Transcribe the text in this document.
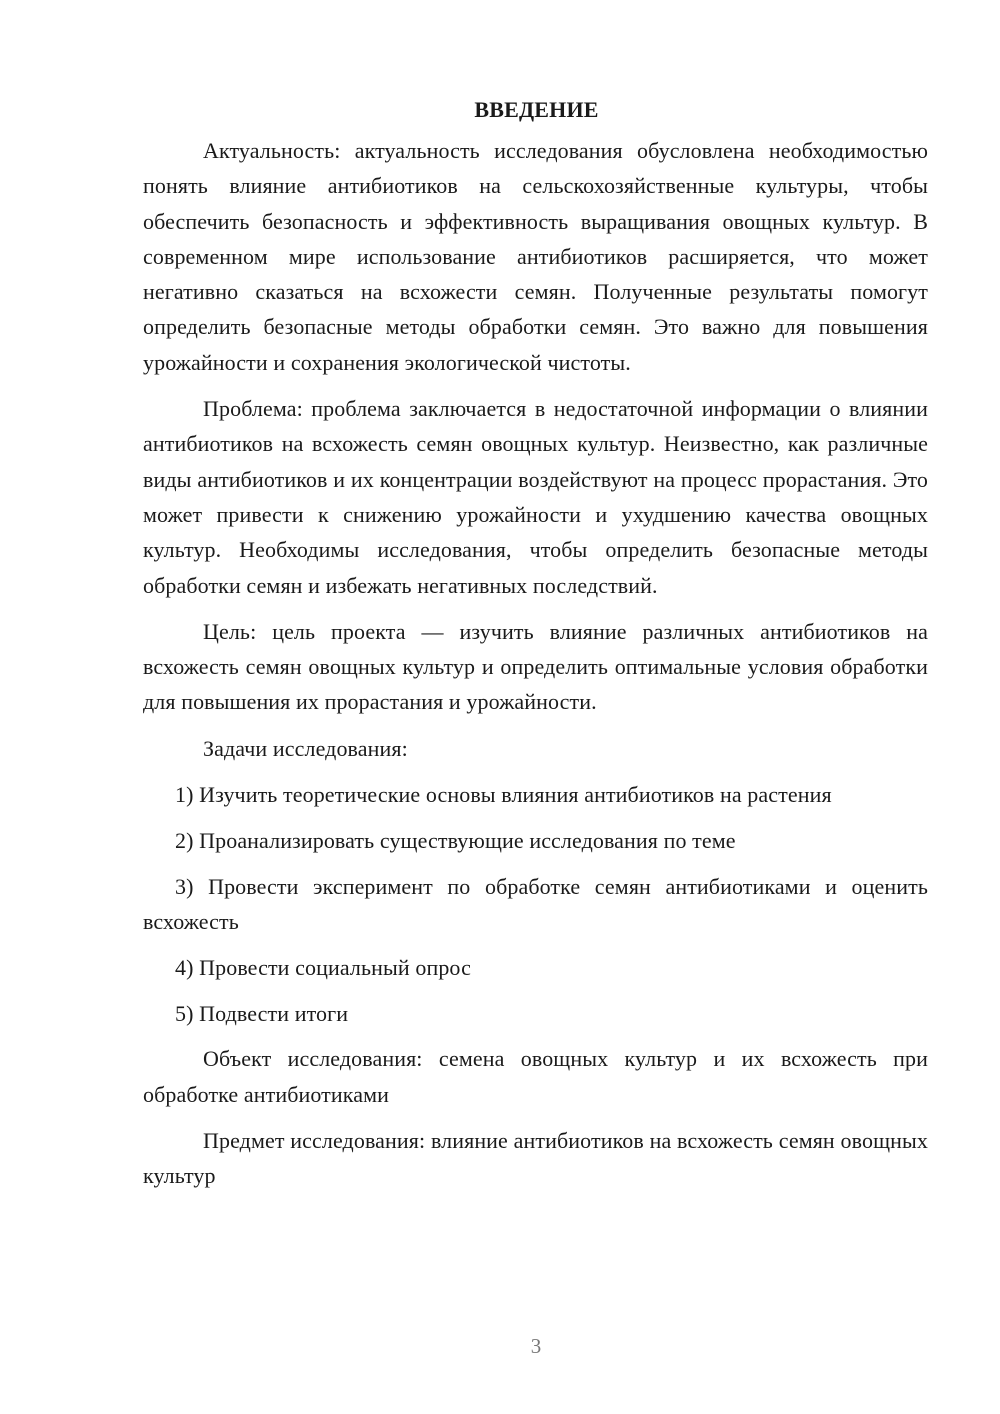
ВВЕДЕНИЕ

Актуальность: актуальность исследования обусловлена необходимостью понять влияние антибиотиков на сельскохозяйственные культуры, чтобы обеспечить безопасность и эффективность выращивания овощных культур. В современном мире использование антибиотиков расширяется, что может негативно сказаться на всхожести семян. Полученные результаты помогут определить безопасные методы обработки семян. Это важно для повышения урожайности и сохранения экологической чистоты.

Проблема: проблема заключается в недостаточной информации о влиянии антибиотиков на всхожесть семян овощных культур. Неизвестно, как различные виды антибиотиков и их концентрации воздействуют на процесс прорастания. Это может привести к снижению урожайности и ухудшению качества овощных культур. Необходимы исследования, чтобы определить безопасные методы обработки семян и избежать негативных последствий.

Цель: цель проекта — изучить влияние различных антибиотиков на всхожесть семян овощных культур и определить оптимальные условия обработки для повышения их прорастания и урожайности.

Задачи исследования:

1) Изучить теоретические основы влияния антибиотиков на растения

2) Проанализировать существующие исследования по теме

3) Провести эксперимент по обработке семян антибиотиками и оценить всхожесть

4) Провести социальный опрос

5) Подвести итоги

Объект исследования: семена овощных культур и их всхожесть при обработке антибиотиками

Предмет исследования: влияние антибиотиков на всхожесть семян овощных культур

3
